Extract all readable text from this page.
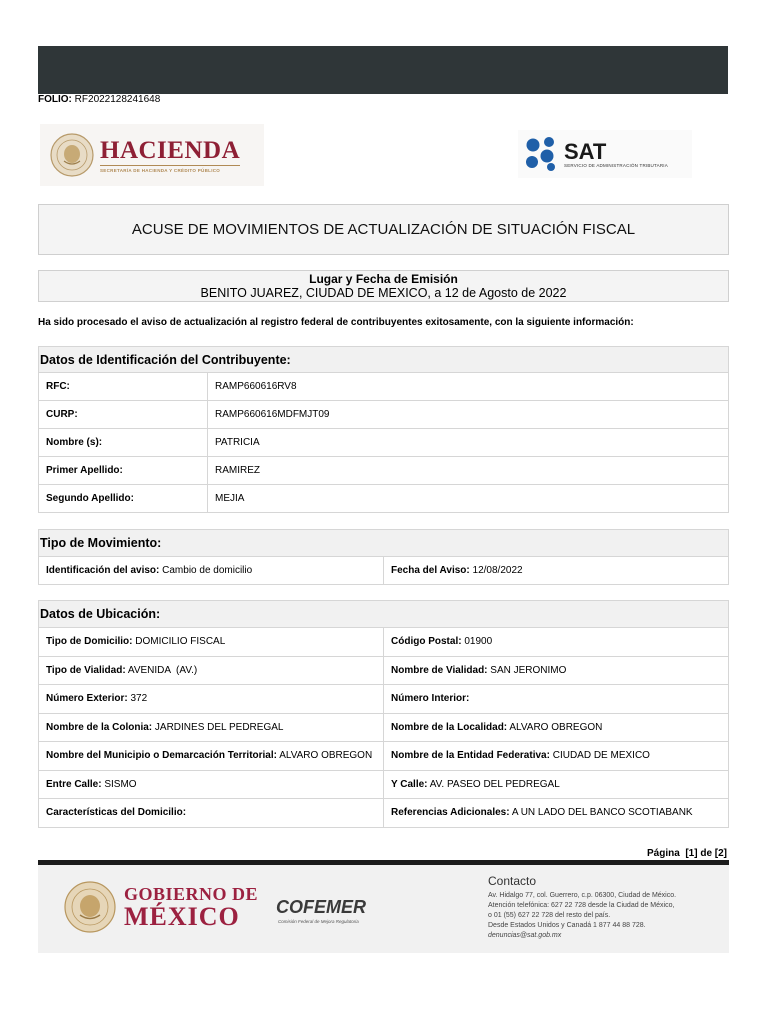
FOLIO: RF2022128241648
HACIENDA
SECRETARÍA DE HACIENDA Y CRÉDITO PÚBLICO
SAT
SERVICIO DE ADMINISTRACIÓN TRIBUTARIA
ACUSE DE MOVIMIENTOS DE ACTUALIZACIÓN DE SITUACIÓN FISCAL
Lugar y Fecha de Emisión
BENITO JUAREZ, CIUDAD DE MEXICO, a 12 de Agosto de 2022
Ha sido procesado el aviso de actualización al registro federal de contribuyentes exitosamente, con la siguiente información:
Datos de Identificación del Contribuyente:	
RFC:	RAMP660616RV8
CURP:	RAMP660616MDFMJT09
Nombre (s):	PATRICIA
Primer Apellido:	RAMIREZ
Segundo Apellido:	MEJIA
Tipo de Movimiento:
Identificación del aviso: Cambio de domicilio	Fecha del Aviso: 12/08/2022
Datos de Ubicación:	
Tipo de Domicilio: DOMICILIO FISCAL	Código Postal: 01900
Tipo de Vialidad: AVENIDA  (AV.)	Nombre de Vialidad: SAN JERONIMO
Número Exterior: 372	Número Interior:
Nombre de la Colonia: JARDINES DEL PEDREGAL	Nombre de la Localidad: ALVARO OBREGON
Nombre del Municipio o Demarcación Territorial: ALVARO OBREGON	Nombre de la Entidad Federativa: CIUDAD DE MEXICO
Entre Calle: SISMO	Y Calle: AV. PASEO DEL PEDREGAL
Características del Domicilio:	Referencias Adicionales: A UN LADO DEL BANCO SCOTIABANK
Página  [1] de [2]
GOBIERNO DE
MÉXICO	COFEMER
Comisión Federal de Mejora Regulatoria
Contacto
Av. Hidalgo 77, col. Guerrero, c.p. 06300, Ciudad de México.
Atención telefónica: 627 22 728 desde la Ciudad de México,
o 01 (55) 627 22 728 del resto del país.
Desde Estados Unidos y Canadá 1 877 44 88 728.
denuncias@sat.gob.mx
